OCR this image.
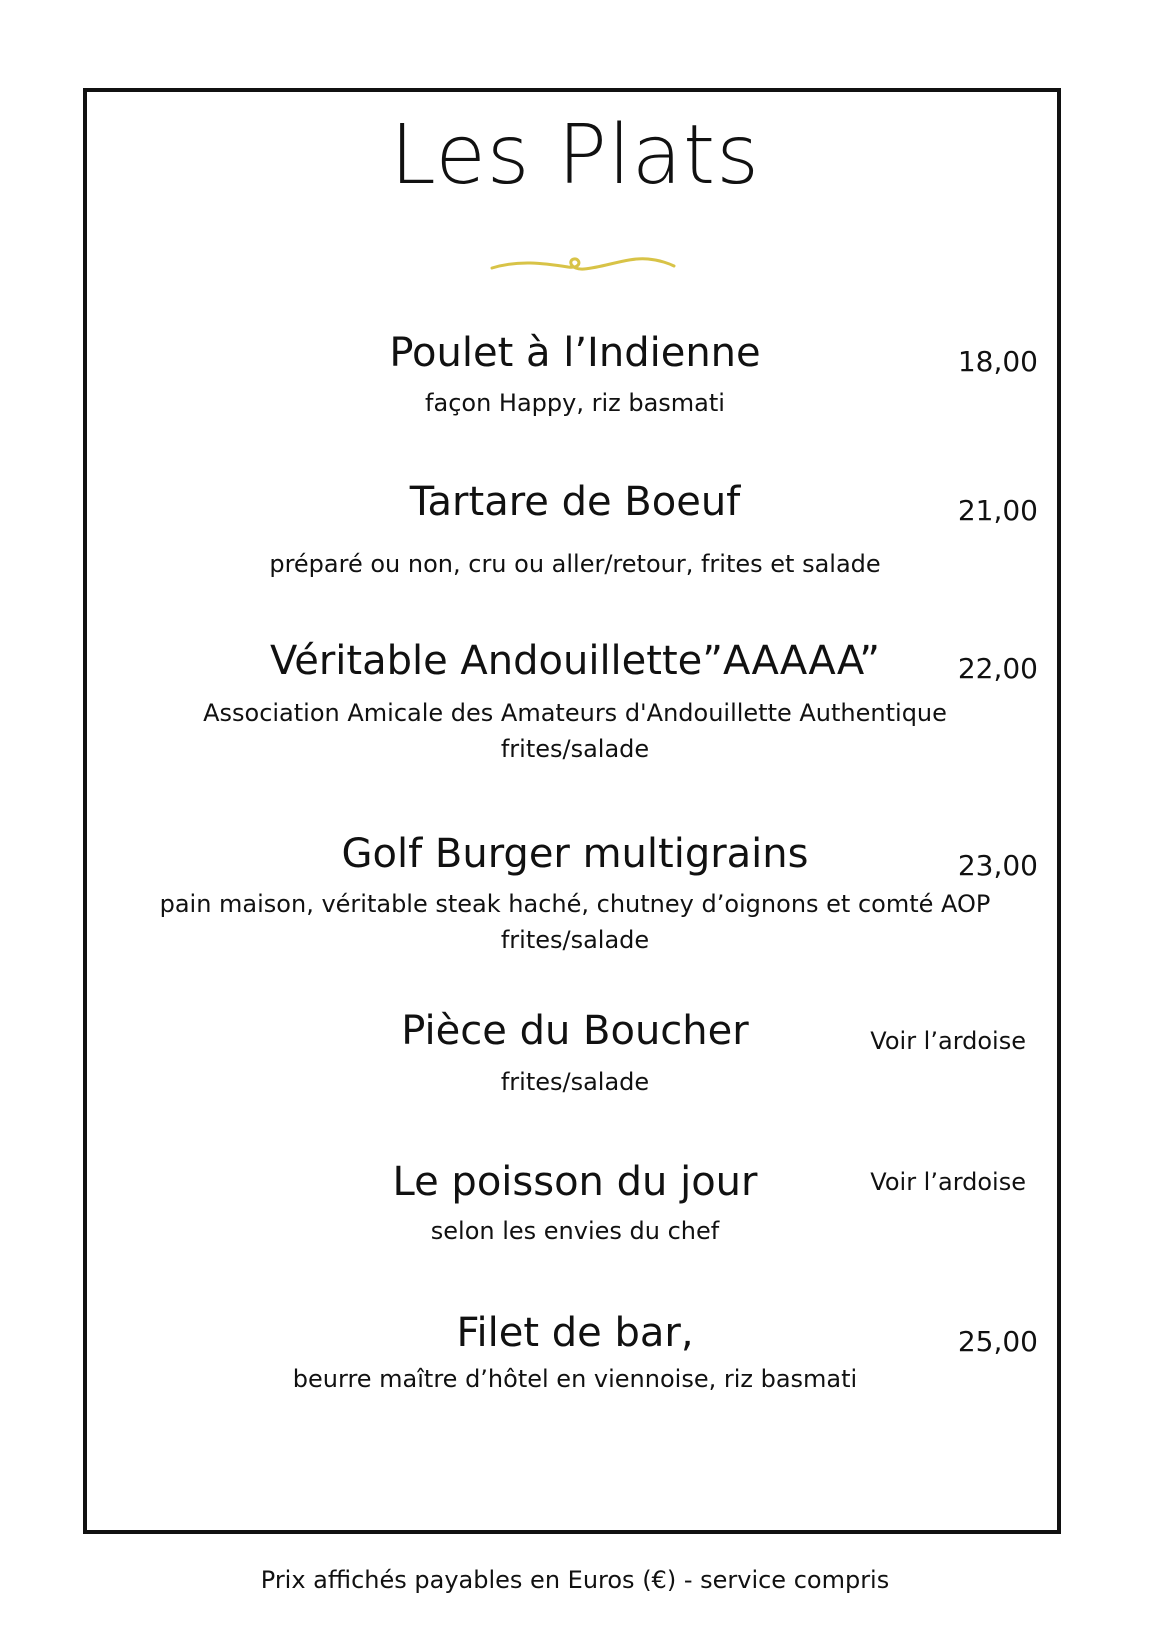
Les Plats
Poulet à l’Indienne
façon Happy, riz basmati
18,00
Tartare de Boeuf
préparé ou non, cru ou aller/retour, frites et salade
21,00
Véritable Andouillette”AAAAA”
Association Amicale des Amateurs d'Andouillette Authentique
frites/salade
22,00
Golf Burger multigrains
pain maison, véritable steak haché, chutney d’oignons et comté AOP
frites/salade
23,00
Pièce du Boucher
frites/salade
Voir l’ardoise
Le poisson du jour
selon les envies du chef
Voir l’ardoise
Filet de bar,
beurre maître d’hôtel en viennoise, riz basmati
25,00
Prix affichés payables en Euros (€) - service compris
